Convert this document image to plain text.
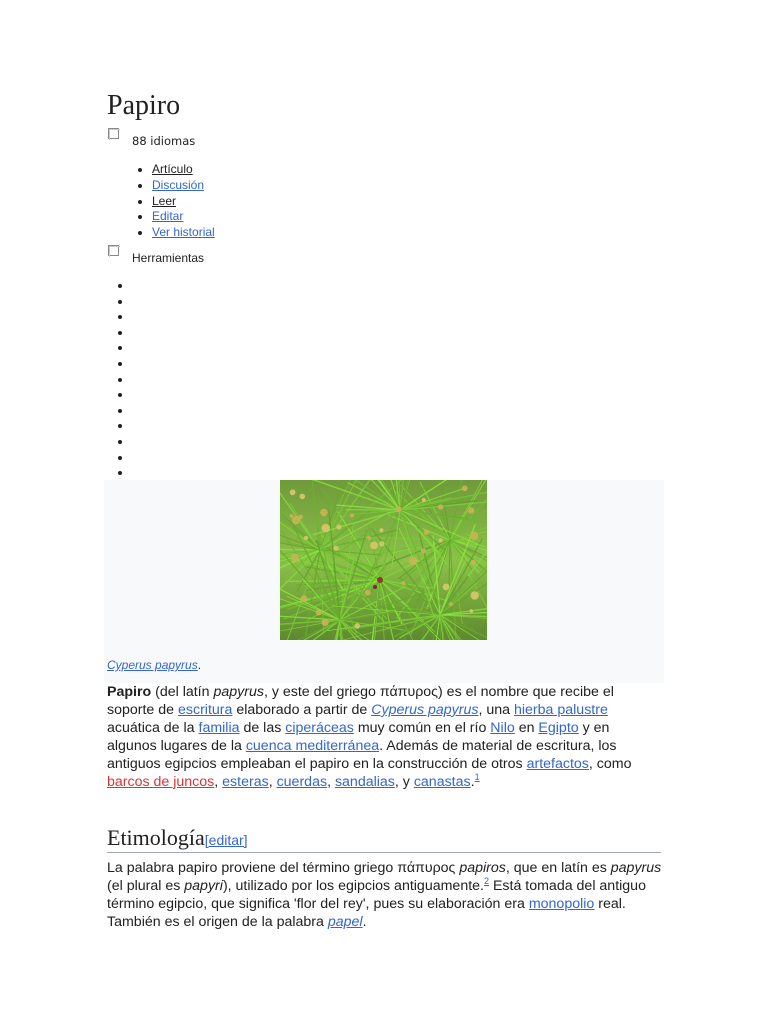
Papiro
88 idiomas
• Artículo
• Discusión
• Leer
• Editar
• Ver historial
Herramientas
Cyperus papyrus.

Papiro (del latín papyrus, y este del griego πάπυρος) es el nombre que recibe el soporte de escritura elaborado a partir de Cyperus papyrus, una hierba palustre acuática de la familia de las ciperáceas muy común en el río Nilo en Egipto y en algunos lugares de la cuenca mediterránea. Además de material de escritura, los antiguos egipcios empleaban el papiro en la construcción de otros artefactos, como barcos de juncos, esteras, cuerdas, sandalias, y canastas.$^1$

Etimología[editar]

La palabra papiro proviene del término griego πάπυρος papiros, que en latín es papyrus (el plural es papyri), utilizado por los egipcios antiguamente.$^2$ Está tomada del antiguo término egipcio, que significa 'flor del rey', pues su elaboración era monopolio real. También es el origen de la palabra papel.
